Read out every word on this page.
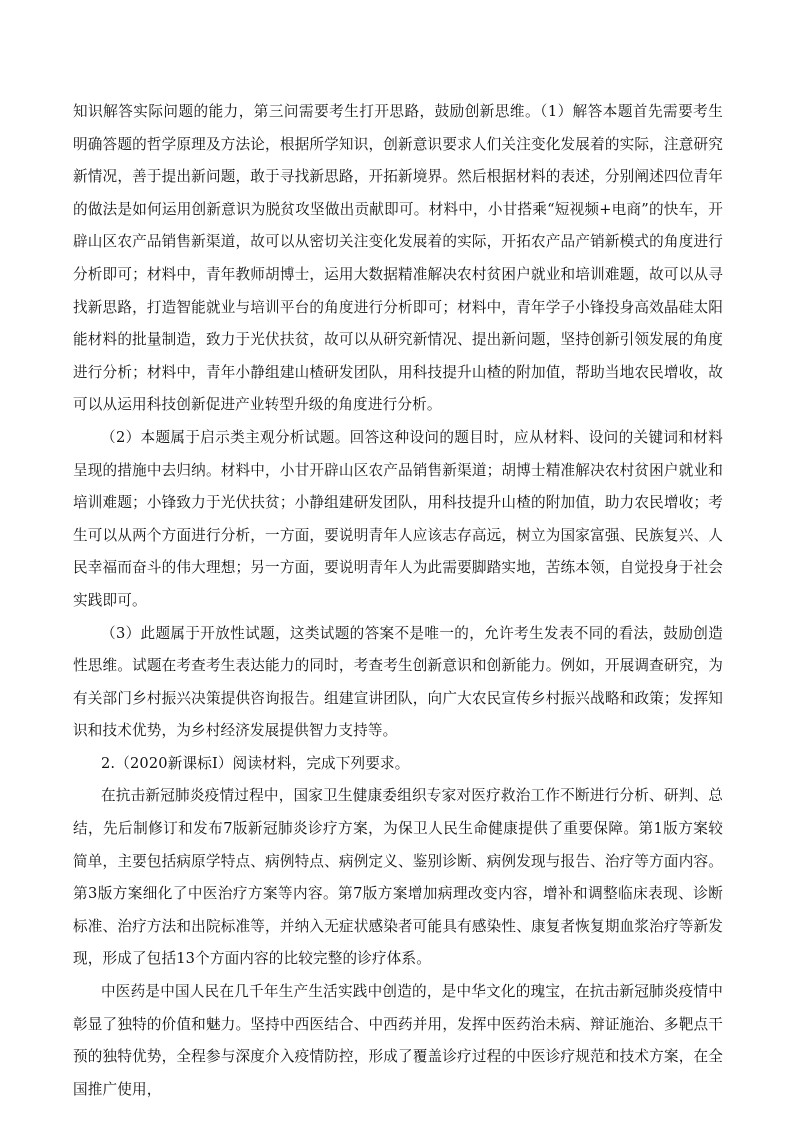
知识解答实际问题的能力，第三问需要考生打开思路，鼓励创新思维。（1）解答本题首先需要考生明确答题的哲学原理及方法论，根据所学知识，创新意识要求人们关注变化发展着的实际，注意研究新情况，善于提出新问题，敢于寻找新思路，开拓新境界。然后根据材料的表述，分别阐述四位青年的做法是如何运用创新意识为脱贫攻坚做出贡献即可。材料中，小甘搭乘“短视频+电商”的快车，开辟山区农产品销售新渠道，故可以从密切关注变化发展着的实际，开拓农产品产销新模式的角度进行分析即可；材料中，青年教师胡博士，运用大数据精准解决农村贫困户就业和培训难题，故可以从寻找新思路，打造智能就业与培训平台的角度进行分析即可；材料中，青年学子小锋投身高效晶硅太阳能材料的批量制造，致力于光伏扶贫，故可以从研究新情况、提出新问题，坚持创新引领发展的角度进行分析；材料中，青年小静组建山楂研发团队，用科技提升山楂的附加值，帮助当地农民增收，故可以从运用科技创新促进产业转型升级的角度进行分析。

（2）本题属于启示类主观分析试题。回答这种设问的题目时，应从材料、设问的关键词和材料呈现的措施中去归纳。材料中，小甘开辟山区农产品销售新渠道；胡博士精准解决农村贫困户就业和培训难题；小锋致力于光伏扶贫；小静组建研发团队，用科技提升山楂的附加值，助力农民增收；考生可以从两个方面进行分析，一方面，要说明青年人应该志存高远，树立为国家富强、民族复兴、人民幸福而奋斗的伟大理想；另一方面，要说明青年人为此需要脚踏实地，苦练本领，自觉投身于社会实践即可。

（3）此题属于开放性试题，这类试题的答案不是唯一的，允许考生发表不同的看法，鼓励创造性思维。试题在考查考生表达能力的同时，考查考生创新意识和创新能力。例如，开展调查研究，为有关部门乡村振兴决策提供咨询报告。组建宣讲团队，向广大农民宣传乡村振兴战略和政策；发挥知识和技术优势，为乡村经济发展提供智力支持等。

2.（2020新课标I）阅读材料，完成下列要求。

在抗击新冠肺炎疫情过程中，国家卫生健康委组织专家对医疗救治工作不断进行分析、研判、总结，先后制修订和发布7版新冠肺炎诊疗方案，为保卫人民生命健康提供了重要保障。第1版方案较简单，主要包括病原学特点、病例特点、病例定义、鉴别诊断、病例发现与报告、治疗等方面内容。第3版方案细化了中医治疗方案等内容。第7版方案增加病理改变内容，增补和调整临床表现、诊断标准、治疗方法和出院标准等，并纳入无症状感染者可能具有感染性、康复者恢复期血浆治疗等新发现，形成了包括13个方面内容的比较完整的诊疗体系。

中医药是中国人民在几千年生产生活实践中创造的，是中华文化的瑰宝，在抗击新冠肺炎疫情中彰显了独特的价值和魅力。坚持中西医结合、中西药并用，发挥中医药治未病、辩证施治、多靶点干预的独特优势，全程参与深度介入疫情防控，形成了覆盖诊疗过程的中医诊疗规范和技术方案，在全国推广使用，
